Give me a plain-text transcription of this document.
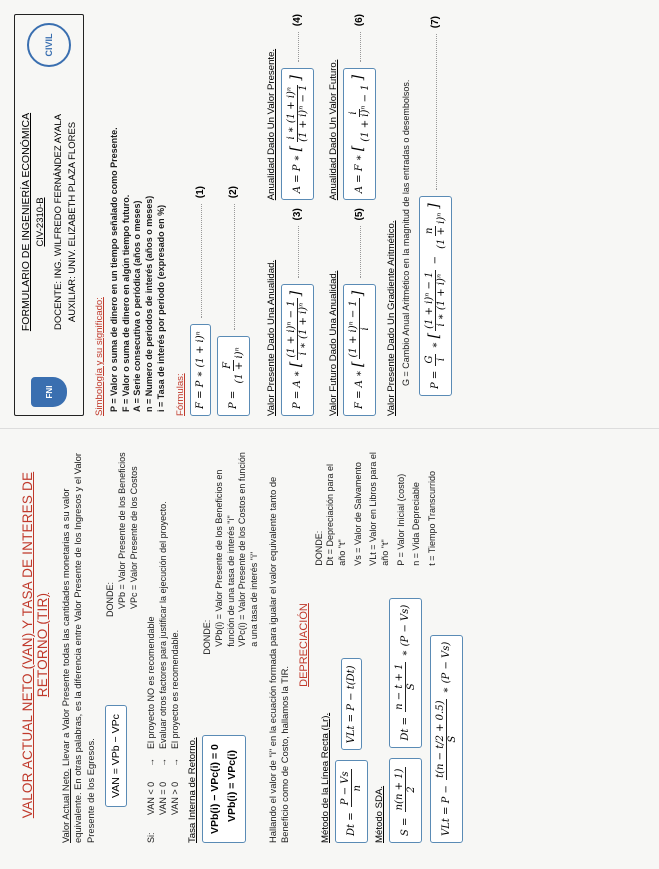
VALOR ACTUAL NETO (VAN) Y TASA DE INTERES DE RETORNO (TIR)

Valor Actual Neto. Llevar a Valor Presente todas las cantidades monetarias a su valor equivalente. En otras palabras, es la diferencia entre Valor Presente de los Ingresos y el Valor Presente de los Egresos.	VAN = VPb − VPc
DONDE: VPb = Valor Presente de los Beneficios VPc = Valor Presente de los Costos
Si:
VAN < 0
→
El proyecto NO es recomendable
VAN = 0
→
Evaluar otros factores para justificar la ejecución del proyecto.
VAN > 0
→
El proyecto es recomendable.
Tasa Interna de Retorno. VPb(i) − VPc(i) = 0 VPb(i) = VPc(i)
DONDE: VPb(i) = Valor Presente de los Beneficios en función de una tasa de interés "i" VPc(i) = Valor Presente de los Costos en función a una tasa de interés "i" Hallando el valor de "i" en la ecuación formada para igualar el valor equivalente tanto de Beneficio como de Costo, hallamos la TIR.

DEPRECIACIÓN
Método de la Línea Recta (Lr).	Dt =
P − Vs n
VLt = P − t(Dt)
Método SDA.	S =
n(n + 1) 2
Dt =
n − t + 1 S
∗ (P − Vs)
VLt = P −
t(n − t/2 + 0.5) S
∗ (P − Vs)
DONDE: Dt = Depreciación para el año "t" Vs = Valor de Salvamento VLt = Valor en Libros para el año "t" P = Valor Inicial (costo) n = Vida Depreciable t = Tiempo Transcurrido
FNI
FORMULARIO DE INGENIERÍA ECONÓMICA CIV-2310-B DOCENTE: ING. WILFREDO FERNÁNDEZ AYALA AUXILIAR: UNIV. ELIZABETH PLAZA FLORES
CIVIL
Simbología y su significado: P = Valor o suma de dinero en un tiempo señalado como Presente. F = Valor o suma de dinero en algún tiempo futuro. A = Serie consecutiva o periódica (años o meses) n = Numero de periodos de interés (años o meses) i = Tasa de interés por periodo (expresado en %) Fórmulas: F = P ∗ (1 + i)ⁿ
(1)
P =
F (1 + i)ⁿ
(2)
Valor Presente Dado Una Anualidad.	P = A ∗ [
(1 + i)ⁿ − 1 i ∗ (1 + i)ⁿ
]
(3)
Anualidad Dado Un Valor Presente.	A = P ∗ [
i ∗ (1 + i)ⁿ (1 + i)ⁿ − 1
]
(4)
Valor Futuro Dado Una Anualidad.	F = A ∗ [
(1 + i)ⁿ − 1 i
]
(5)
Anualidad Dado Un Valor Futuro.	A = F ∗ [
i (1 + i)ⁿ − 1
]
(6)
Valor Presente Dado Un Gradiente Aritmético. G = Cambio Anual Aritmético en la magnitud de las entradas o desembolsos.	P =
G i
∗ [
(1 + i)ⁿ − 1 i ∗ (1 + i)ⁿ
−
n (1 + i)ⁿ
]
(7)
